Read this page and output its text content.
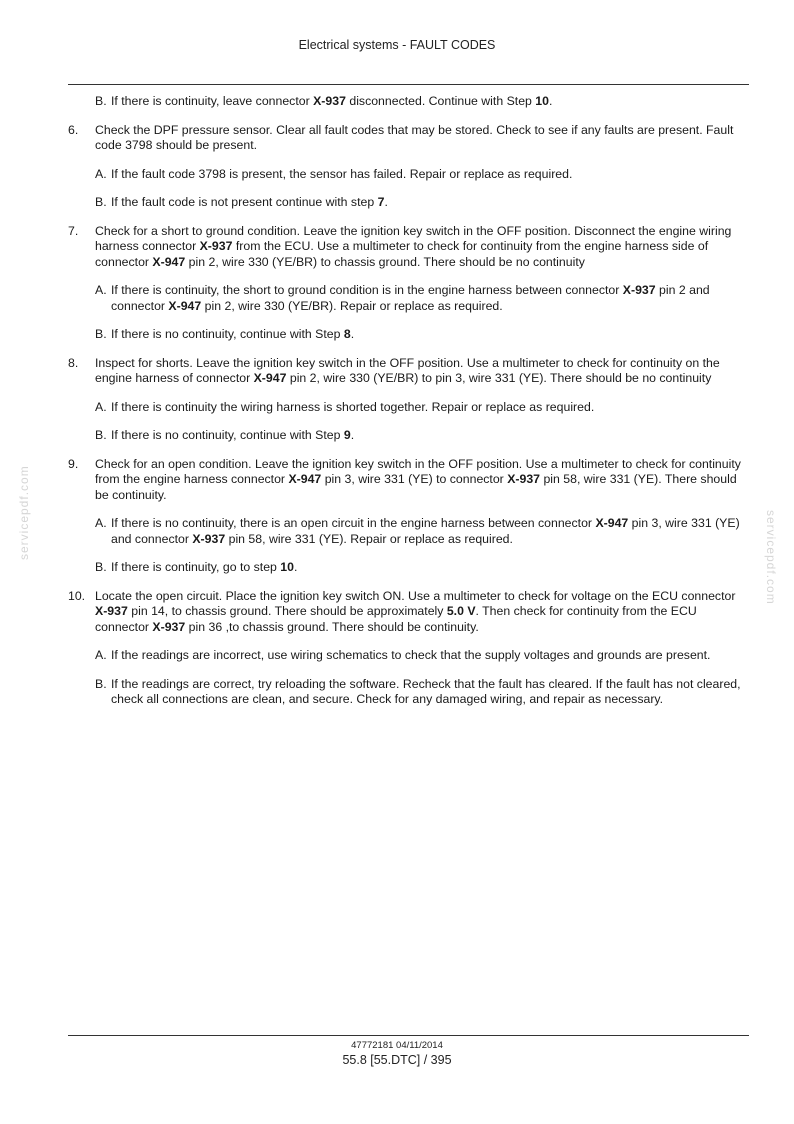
Electrical systems - FAULT CODES
servicepdf.com	servicepdf.com
B. If there is continuity, leave connector X-937 disconnected. Continue with Step 10.
6. Check the DPF pressure sensor. Clear all fault codes that may be stored. Check to see if any faults are present. Fault code 3798 should be present.
A. If the fault code 3798 is present, the sensor has failed. Repair or replace as required.
B. If the fault code is not present continue with step 7.
7. Check for a short to ground condition. Leave the ignition key switch in the OFF position. Disconnect the engine wiring harness connector X-937 from the ECU. Use a multimeter to check for continuity from the engine harness side of connector X-947 pin 2, wire 330 (YE/BR) to chassis ground. There should be no continuity
A. If there is continuity, the short to ground condition is in the engine harness between connector X-937 pin 2 and connector X-947 pin 2, wire 330 (YE/BR). Repair or replace as required.
B. If there is no continuity, continue with Step 8.
8. Inspect for shorts. Leave the ignition key switch in the OFF position. Use a multimeter to check for continuity on the engine harness of connector X-947 pin 2, wire 330 (YE/BR) to pin 3, wire 331 (YE). There should be no continuity
A. If there is continuity the wiring harness is shorted together. Repair or replace as required.
B. If there is no continuity, continue with Step 9.
9. Check for an open condition. Leave the ignition key switch in the OFF position. Use a multimeter to check for continuity from the engine harness connector X-947 pin 3, wire 331 (YE) to connector X-937 pin 58, wire 331 (YE). There should be continuity.
A. If there is no continuity, there is an open circuit in the engine harness between connector X-947 pin 3, wire 331 (YE) and connector X-937 pin 58, wire 331 (YE). Repair or replace as required.
B. If there is continuity, go to step 10.
10. Locate the open circuit. Place the ignition key switch ON. Use a multimeter to check for voltage on the ECU connector X-937 pin 14, to chassis ground. There should be approximately 5.0 V. Then check for continuity from the ECU connector X-937 pin 36 ,to chassis ground. There should be continuity.
A. If the readings are incorrect, use wiring schematics to check that the supply voltages and grounds are present.
B. If the readings are correct, try reloading the software. Recheck that the fault has cleared. If the fault has not cleared, check all connections are clean, and secure. Check for any damaged wiring, and repair as necessary.
47772181 04/11/2014
55.8 [55.DTC] / 395
